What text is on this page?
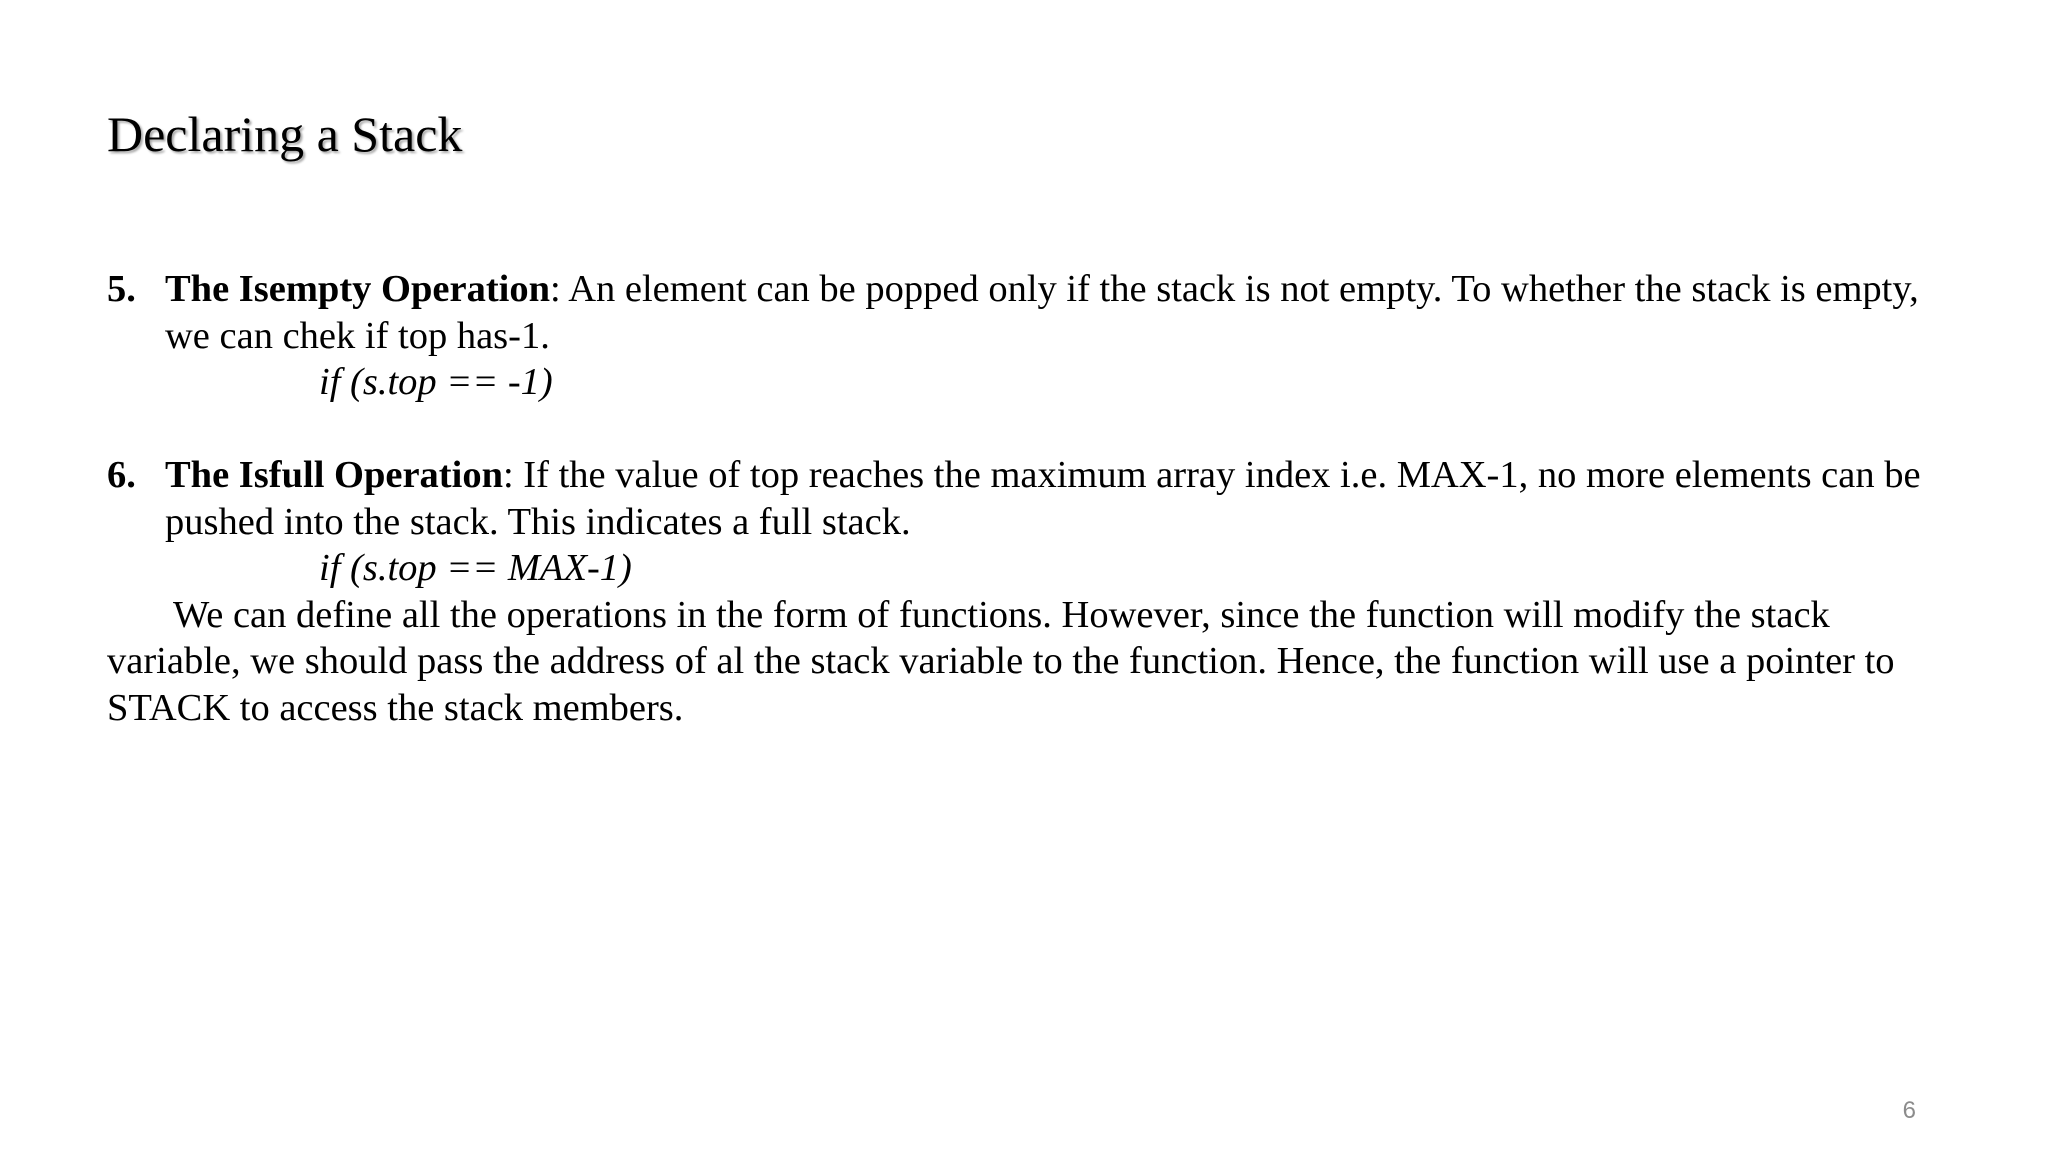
Declaring a Stack
5. The Isempty Operation: An element can be popped only if the stack is not empty. To whether the stack is empty, we can chek if top has-1.
if (s.top == -1)
6. The Isfull Operation: If the value of top reaches the maximum array index i.e. MAX-1, no more elements can be pushed into the stack. This indicates a full stack.
if (s.top == MAX-1)
We can define all the operations in the form of functions. However, since the function will modify the stack variable, we should pass the address of al the stack variable to the function. Hence, the function will use a pointer to STACK to access the stack members.
6
